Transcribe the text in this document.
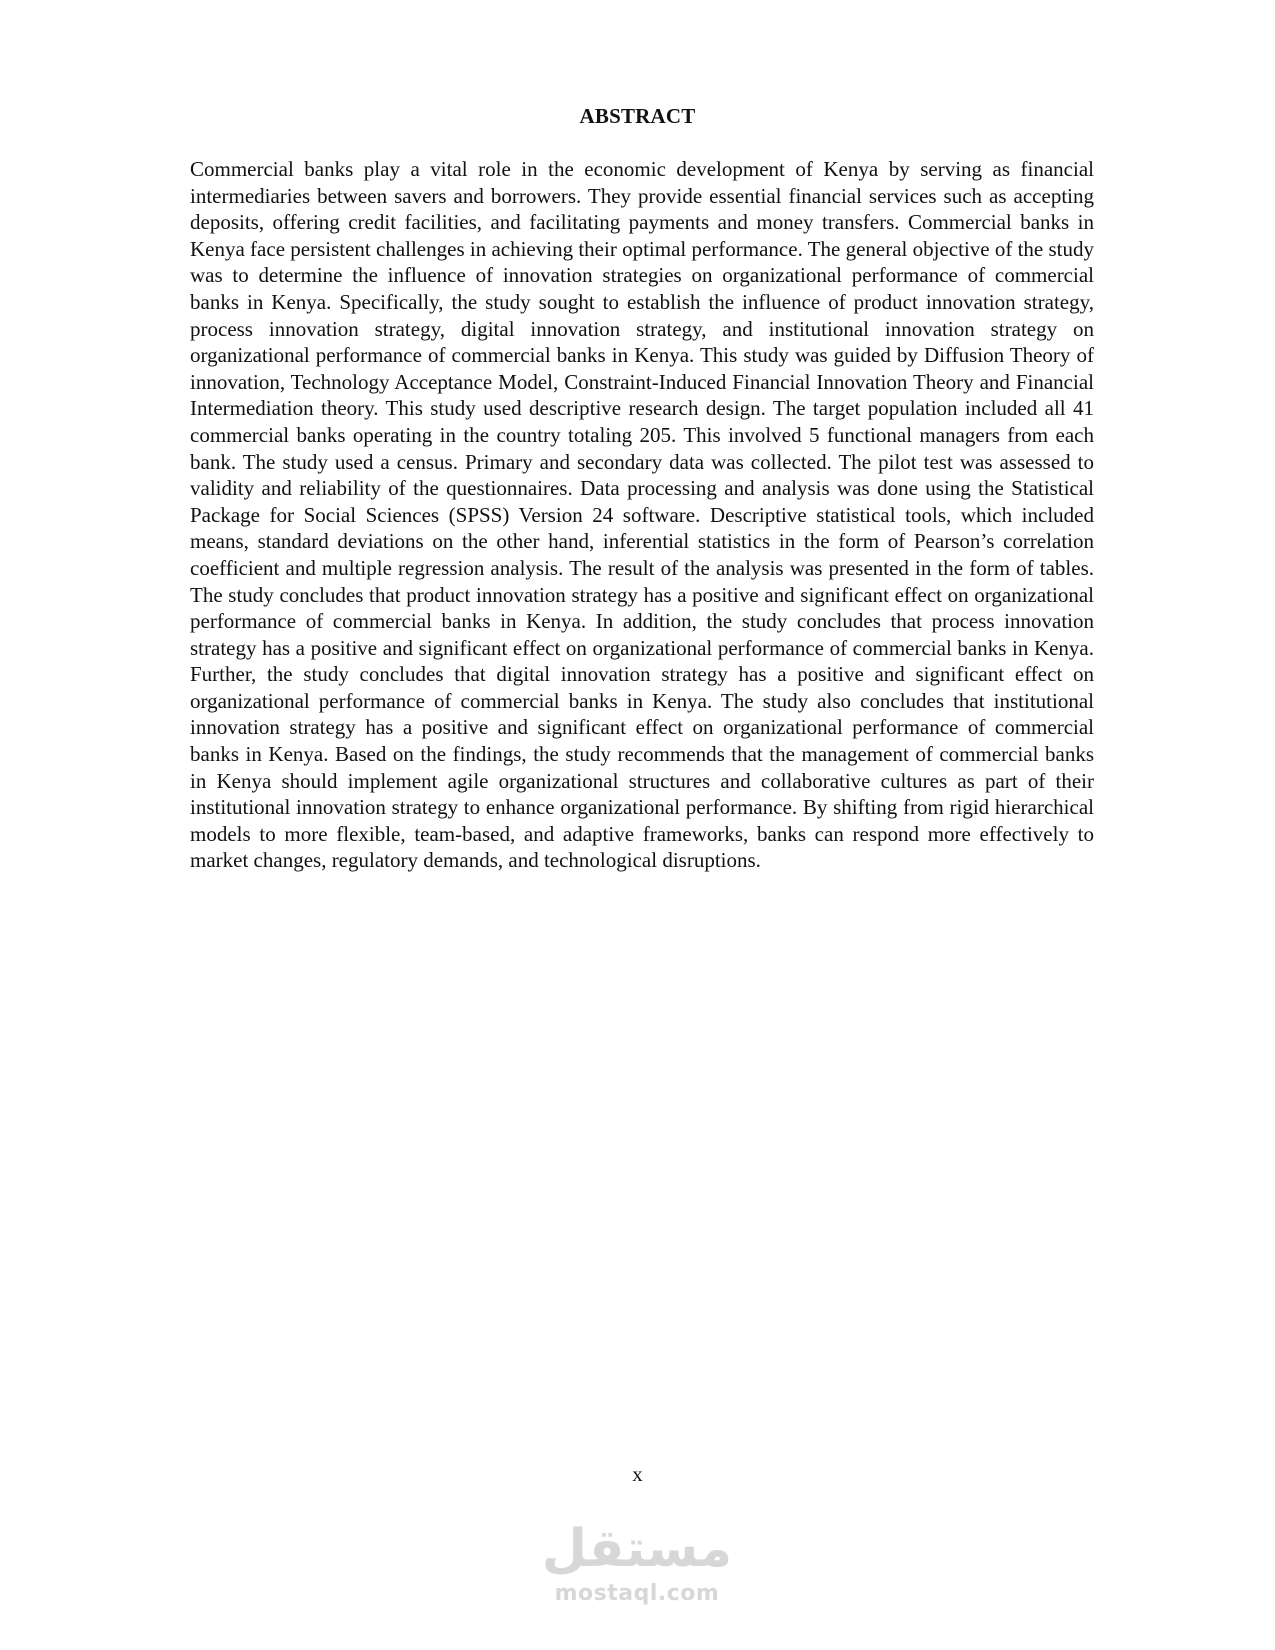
ABSTRACT

Commercial banks play a vital role in the economic development of Kenya by serving as financial intermediaries between savers and borrowers. They provide essential financial services such as accepting deposits, offering credit facilities, and facilitating payments and money transfers. Commercial banks in Kenya face persistent challenges in achieving their optimal performance. The general objective of the study was to determine the influence of innovation strategies on organizational performance of commercial banks in Kenya. Specifically, the study sought to establish the influence of product innovation strategy, process innovation strategy, digital innovation strategy, and institutional innovation strategy on organizational performance of commercial banks in Kenya. This study was guided by Diffusion Theory of innovation, Technology Acceptance Model, Constraint-Induced Financial Innovation Theory and Financial Intermediation theory. This study used descriptive research design. The target population included all 41 commercial banks operating in the country totaling 205. This involved 5 functional managers from each bank. The study used a census. Primary and secondary data was collected. The pilot test was assessed to validity and reliability of the questionnaires. Data processing and analysis was done using the Statistical Package for Social Sciences (SPSS) Version 24 software. Descriptive statistical tools, which included means, standard deviations on the other hand, inferential statistics in the form of Pearson’s correlation coefficient and multiple regression analysis. The result of the analysis was presented in the form of tables. The study concludes that product innovation strategy has a positive and significant effect on organizational performance of commercial banks in Kenya. In addition, the study concludes that process innovation strategy has a positive and significant effect on organizational performance of commercial banks in Kenya. Further, the study concludes that digital innovation strategy has a positive and significant effect on organizational performance of commercial banks in Kenya. The study also concludes that institutional innovation strategy has a positive and significant effect on organizational performance of commercial banks in Kenya. Based on the findings, the study recommends that the management of commercial banks in Kenya should implement agile organizational structures and collaborative cultures as part of their institutional innovation strategy to enhance organizational performance. By shifting from rigid hierarchical models to more flexible, team-based, and adaptive frameworks, banks can respond more effectively to market changes, regulatory demands, and technological disruptions.

x
مستقل
mostaql.com
